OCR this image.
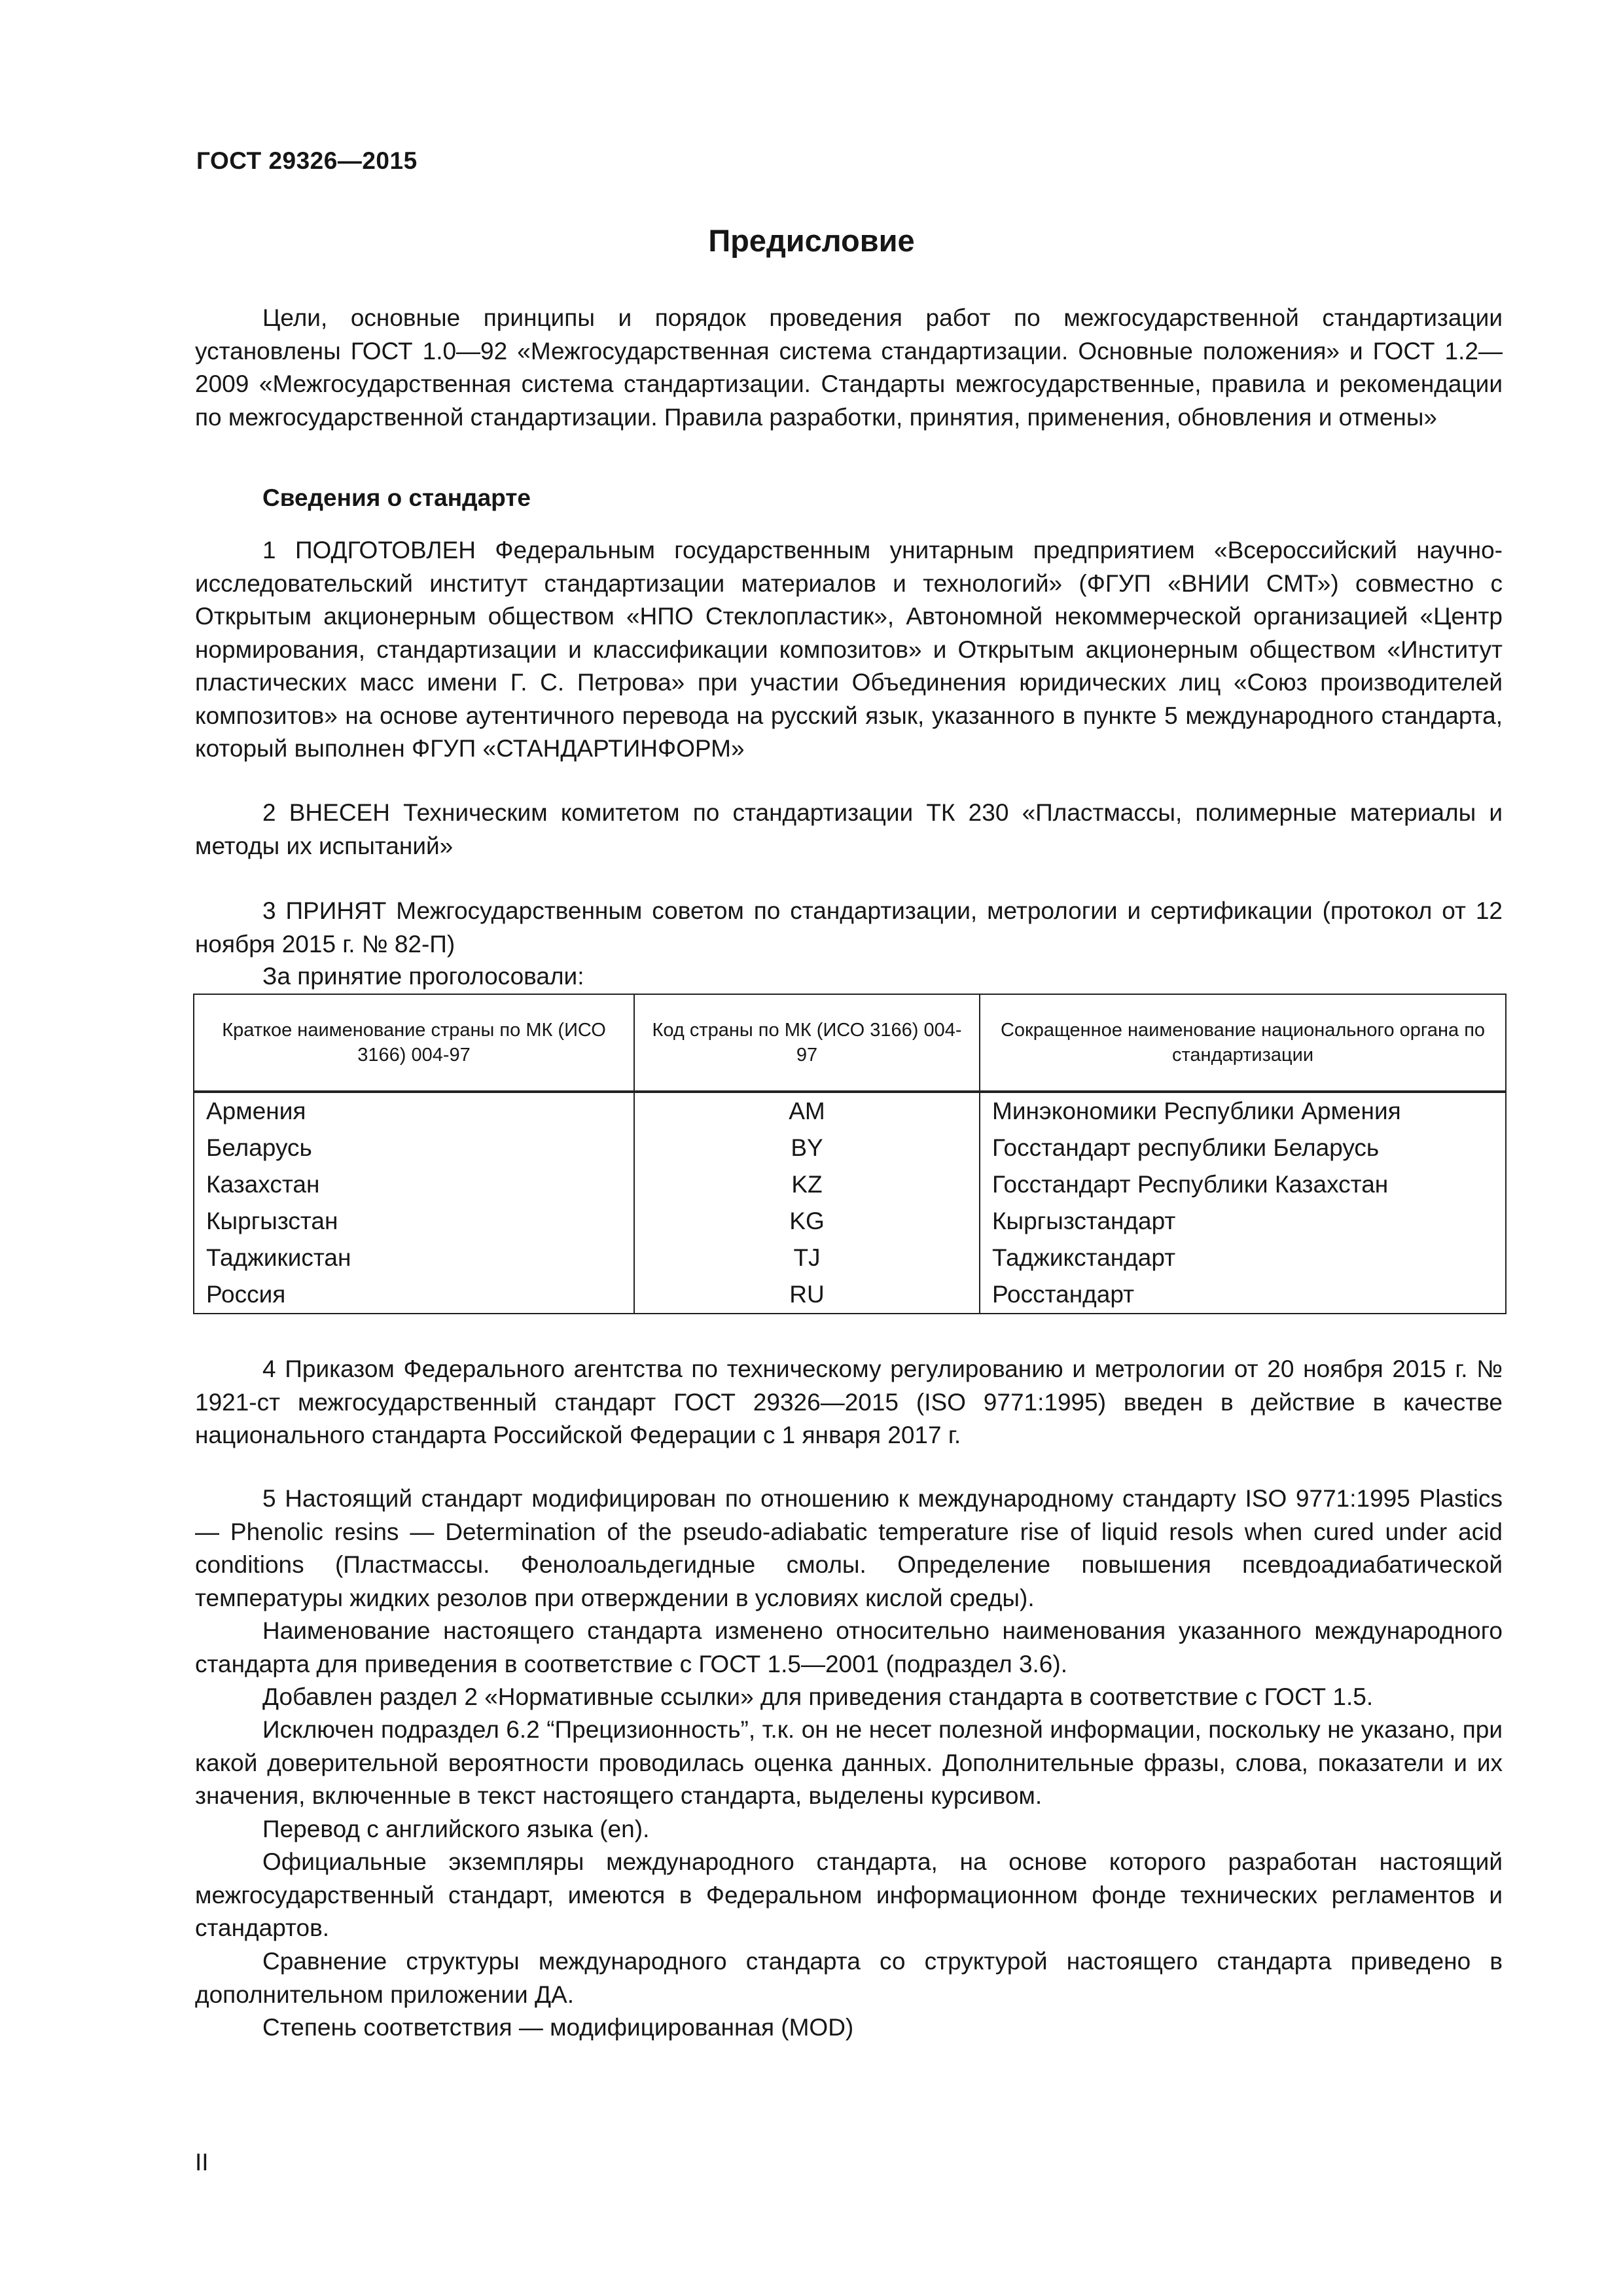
ГОСТ 29326—2015
Предисловие

Цели, основные принципы и порядок проведения работ по межгосударственной стандартизации установлены ГОСТ 1.0—92 «Межгосударственная система стандартизации. Основные положения» и ГОСТ 1.2—2009 «Межгосударственная система стандартизации. Стандарты межгосударственные, правила и рекомендации по межгосударственной стандартизации. Правила разработки, принятия, применения, обновления и отмены»

Сведения о стандарте

1 ПОДГОТОВЛЕН Федеральным государственным унитарным предприятием «Всероссийский научно-исследовательский институт стандартизации материалов и технологий» (ФГУП «ВНИИ СМТ») совместно с Открытым акционерным обществом «НПО Стеклопластик», Автономной некоммерческой организацией «Центр нормирования, стандартизации и классификации композитов» и Открытым акционерным обществом «Институт пластических масс имени Г. С. Петрова» при участии Объединения юридических лиц «Союз производителей композитов» на основе аутентичного перевода на русский язык, указанного в пункте 5 международного стандарта, который выполнен ФГУП «СТАНДАРТИНФОРМ»

2 ВНЕСЕН Техническим комитетом по стандартизации ТК 230 «Пластмассы, полимерные материалы и методы их испытаний»

3 ПРИНЯТ Межгосударственным советом по стандартизации, метрологии и сертификации (протокол от 12 ноября 2015 г. № 82-П)

За принятие проголосовали:

Краткое наименование страны по МК (ИСО 3166) 004-97	Код страны по МК (ИСО 3166) 004- 97	Сокращенное наименование национального органа по стандартизации
Армения	AM	Минэкономики Республики Армения
Беларусь	BY	Госстандарт республики Беларусь
Казахстан	KZ	Госстандарт Республики Казахстан
Кыргызстан	KG	Кыргызстандарт
Таджикистан	TJ	Таджикстандарт
Россия	RU	Росстандарт

4 Приказом Федерального агентства по техническому регулированию и метрологии от 20 ноября 2015 г. № 1921-ст межгосударственный стандарт ГОСТ 29326—2015 (ISO 9771:1995) введен в действие в качестве национального стандарта Российской Федерации с 1 января 2017 г.

5 Настоящий стандарт модифицирован по отношению к международному стандарту ISO 9771:1995 Plastics — Phenolic resins — Determination of the pseudo-adiabatic temperature rise of liquid resols when cured under acid conditions (Пластмассы. Фенолоальдегидные смолы. Определение повышения псевдоадиабатической температуры жидких резолов при отверждении в условиях кислой среды).

Наименование настоящего стандарта изменено относительно наименования указанного международного стандарта для приведения в соответствие с ГОСТ 1.5—2001 (подраздел 3.6).

Добавлен раздел 2 «Нормативные ссылки» для приведения стандарта в соответствие с ГОСТ 1.5.

Исключен подраздел 6.2 “Прецизионность”, т.к. он не несет полезной информации, поскольку не указано, при какой доверительной вероятности проводилась оценка данных. Дополнительные фразы, слова, показатели и их значения, включенные в текст настоящего стандарта, выделены курсивом.

Перевод с английского языка (en).

Официальные экземпляры международного стандарта, на основе которого разработан настоящий межгосударственный стандарт, имеются в Федеральном информационном фонде технических регламентов и стандартов.

Сравнение структуры международного стандарта со структурой настоящего стандарта приведено в дополнительном приложении ДА.

Степень соответствия — модифицированная (MOD)

II
